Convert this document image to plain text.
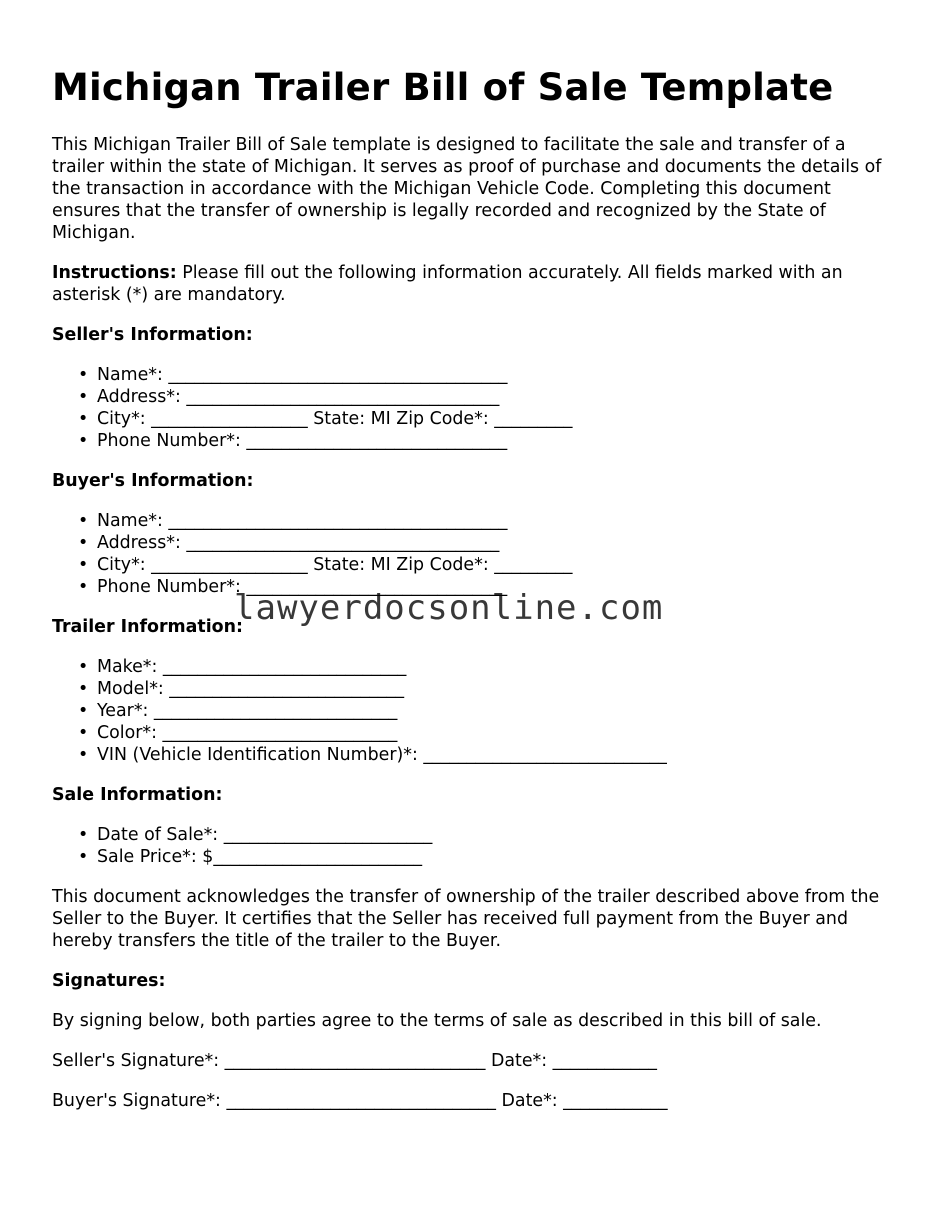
Michigan Trailer Bill of Sale Template

This Michigan Trailer Bill of Sale template is designed to facilitate the sale and transfer of a trailer within the state of Michigan. It serves as proof of purchase and documents the details of the transaction in accordance with the Michigan Vehicle Code. Completing this document ensures that the transfer of ownership is legally recorded and recognized by the State of Michigan.

Instructions: Please fill out the following information accurately. All fields marked with an asterisk (*) are mandatory.

Seller's Information:
• Name*: _______________________________________
• Address*: ____________________________________
• City*: __________________ State: MI Zip Code*: _________
• Phone Number*: ______________________________
Buyer's Information:
• Name*: _______________________________________
• Address*: ____________________________________
• City*: __________________ State: MI Zip Code*: _________
• Phone Number*: ______________________________
Trailer Information:
• Make*: ____________________________
• Model*: ___________________________
• Year*: ____________________________
• Color*: ___________________________
• VIN (Vehicle Identification Number)*: ____________________________
Sale Information:
• Date of Sale*: ________________________
• Sale Price*: $________________________

This document acknowledges the transfer of ownership of the trailer described above from the Seller to the Buyer. It certifies that the Seller has received full payment from the Buyer and hereby transfers the title of the trailer to the Buyer.

Signatures:

By signing below, both parties agree to the terms of sale as described in this bill of sale.

Seller's Signature*: ______________________________ Date*: ____________
Buyer's Signature*: _______________________________ Date*: ____________
lawyerdocsonline.com
